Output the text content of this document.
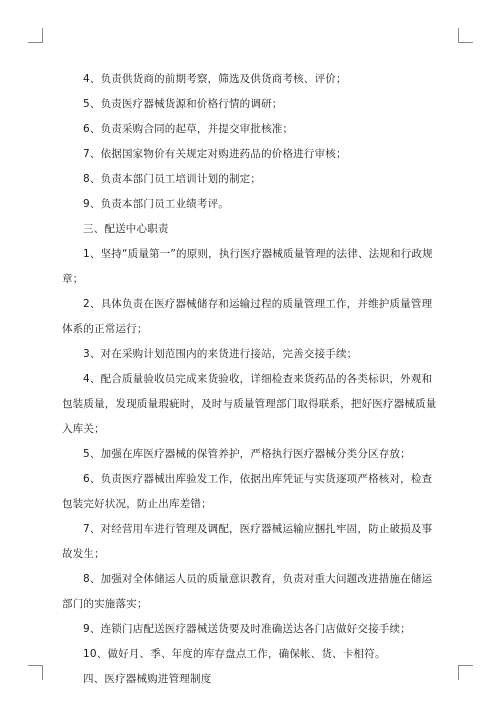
4、负责供货商的前期考察，筛选及供货商考核、评价；

5、负责医疗器械货源和价格行情的调研；

6、负责采购合同的起草，并提交审批核准；

7、依据国家物价有关规定对购进药品的价格进行审核；

8、负责本部门员工培训计划的制定；

9、负责本部门员工业绩考评。

三、配送中心职责

1、坚持“质量第一”的原则，执行医疗器械质量管理的法律、法规和行政规章；

2、具体负责在医疗器械储存和运输过程的质量管理工作，并维护质量管理体系的正常运行；

3、对在采购计划范围内的来货进行接站，完善交接手续；

4、配合质量验收员完成来货验收，详细检查来货药品的各类标识，外观和包装质量，发现质量瑕疵时，及时与质量管理部门取得联系，把好医疗器械质量入库关；

5、加强在库医疗器械的保管养护，严格执行医疗器械分类分区存放；

6、负责医疗器械出库验发工作，依据出库凭证与实货逐项严格核对，检查包装完好状况，防止出库差错；

7、对经营用车进行管理及调配，医疗器械运输应捆扎牢固，防止破损及事故发生；

8、加强对全体储运人员的质量意识教育，负责对重大问题改进措施在储运部门的实施落实；

9、连锁门店配送医疗器械送货要及时准确送达各门店做好交接手续；

10、做好月、季、年度的库存盘点工作，确保帐、货、卡相符。

四、医疗器械购进管理制度
